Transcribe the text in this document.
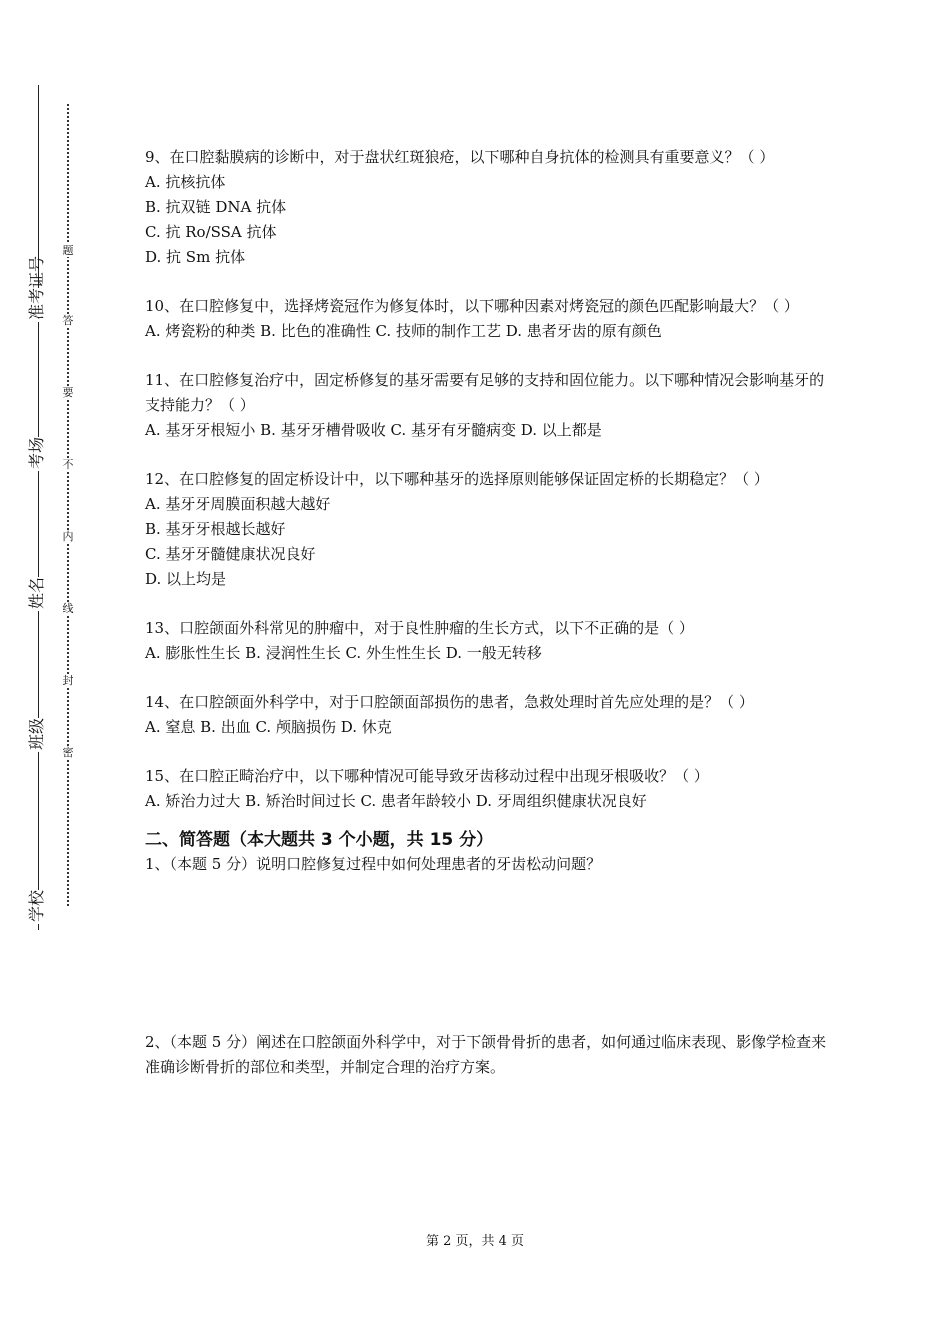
准考证号
考场
姓名
班级
学校
题
答
要
不
内
线
封
密
9、在口腔黏膜病的诊断中，对于盘状红斑狼疮，以下哪种自身抗体的检测具有重要意义？（ ）
A. 抗核抗体
B. 抗双链 DNA 抗体
C. 抗 Ro/SSA 抗体
D. 抗 Sm 抗体
10、在口腔修复中，选择烤瓷冠作为修复体时，以下哪种因素对烤瓷冠的颜色匹配影响最大？（ ）
A. 烤瓷粉的种类 B. 比色的准确性 C. 技师的制作工艺 D. 患者牙齿的原有颜色
11、在口腔修复治疗中，固定桥修复的基牙需要有足够的支持和固位能力。以下哪种情况会影响基牙的支持能力？（ ）
A. 基牙牙根短小 B. 基牙牙槽骨吸收 C. 基牙有牙髓病变 D. 以上都是
12、在口腔修复的固定桥设计中，以下哪种基牙的选择原则能够保证固定桥的长期稳定？（ ）
A. 基牙牙周膜面积越大越好
B. 基牙牙根越长越好
C. 基牙牙髓健康状况良好
D. 以上均是
13、口腔颌面外科常见的肿瘤中，对于良性肿瘤的生长方式，以下不正确的是（ ）
A. 膨胀性生长 B. 浸润性生长 C. 外生性生长 D. 一般无转移
14、在口腔颌面外科学中，对于口腔颌面部损伤的患者，急救处理时首先应处理的是？（ ）
A. 窒息 B. 出血 C. 颅脑损伤 D. 休克
15、在口腔正畸治疗中，以下哪种情况可能导致牙齿移动过程中出现牙根吸收？（ ）
A. 矫治力过大 B. 矫治时间过长 C. 患者年龄较小 D. 牙周组织健康状况良好
二、简答题（本大题共 3 个小题，共 15 分）
1、（本题 5 分）说明口腔修复过程中如何处理患者的牙齿松动问题？
2、（本题 5 分）阐述在口腔颌面外科学中，对于下颌骨骨折的患者，如何通过临床表现、影像学检查来准确诊断骨折的部位和类型，并制定合理的治疗方案。
第 2 页，共 4 页
